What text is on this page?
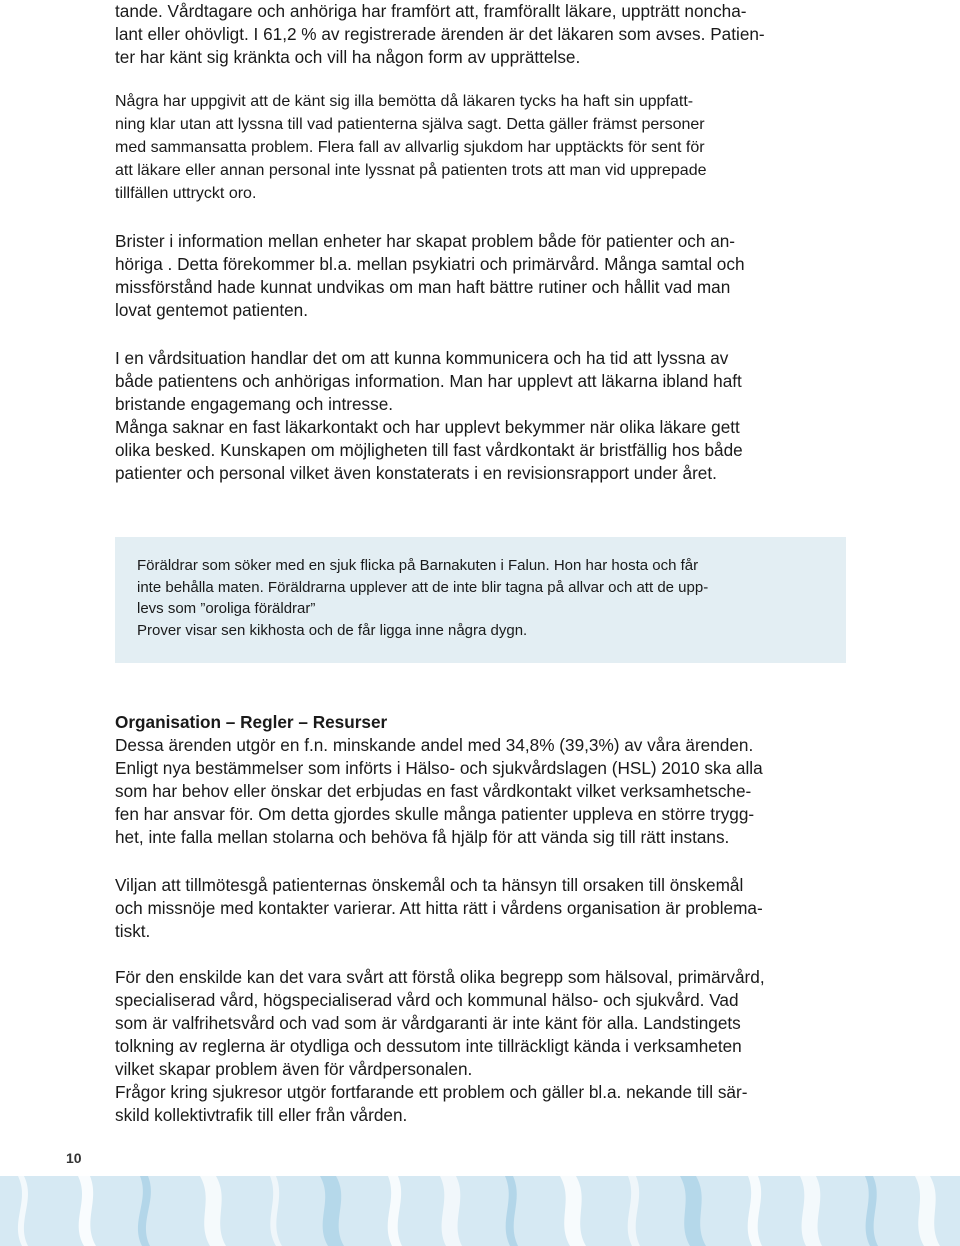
tande. Vårdtagare och anhöriga har framfört att, framförallt läkare, uppträtt noncha-
lant eller ohövligt. I 61,2 % av registrerade ärenden är det läkaren som avses. Patien-
ter har känt sig kränkta och vill ha någon form av upprättelse.

Några har uppgivit att de känt sig illa bemötta då läkaren tycks ha haft sin uppfatt-
ning klar utan att lyssna till vad patienterna själva sagt. Detta gäller främst personer
med sammansatta problem. Flera fall av allvarlig sjukdom har upptäckts för sent för
att läkare eller annan personal inte lyssnat på patienten trots att man vid upprepade
tillfällen uttryckt oro.

Brister i information mellan enheter har skapat problem både för patienter och an-
höriga . Detta förekommer bl.a. mellan psykiatri och primärvård. Många samtal och
missförstånd hade kunnat undvikas om man haft bättre rutiner och hållit vad man
lovat gentemot patienten.

I en vårdsituation handlar det om att kunna kommunicera och ha tid att lyssna av
både patientens och anhörigas information. Man har upplevt att läkarna ibland haft
bristande engagemang och intresse.
Många saknar en fast läkarkontakt och har upplevt bekymmer när olika läkare gett
olika besked. Kunskapen om möjligheten till fast vårdkontakt är bristfällig hos både
patienter och personal vilket även konstaterats i en revisionsrapport under året.

Organisation – Regler – Resurser

Dessa ärenden utgör en f.n. minskande andel med 34,8% (39,3%) av våra ärenden.
Enligt nya bestämmelser som införts i Hälso- och sjukvårdslagen (HSL) 2010 ska alla
som har behov eller önskar det erbjudas en fast vårdkontakt vilket verksamhetsche-
fen har ansvar för. Om detta gjordes skulle många patienter uppleva en större trygg-
het, inte falla mellan stolarna och behöva få hjälp för att vända sig till rätt instans.

Viljan att tillmötesgå patienternas önskemål och ta hänsyn till orsaken till önskemål
och missnöje med kontakter varierar. Att hitta rätt i vårdens organisation är problema-
tiskt.

För den enskilde kan det vara svårt att förstå olika begrepp som hälsoval, primärvård,
specialiserad vård, högspecialiserad vård och kommunal hälso- och sjukvård. Vad
som är valfrihetsvård och vad som är vårdgaranti är inte känt för alla. Landstingets
tolkning av reglerna är otydliga och dessutom inte tillräckligt kända i verksamheten
vilket skapar problem även för vårdpersonalen.
Frågor kring sjukresor utgör fortfarande ett problem och gäller bl.a. nekande till sär-
skild kollektivtrafik till eller från vården.

Föräldrar som söker med en sjuk flicka på Barnakuten i Falun. Hon har hosta och får
inte behålla maten. Föräldrarna upplever att de inte blir tagna på allvar och att de upp-
levs som ”oroliga föräldrar”
Prover visar sen kikhosta och de får ligga inne några dygn.

10
